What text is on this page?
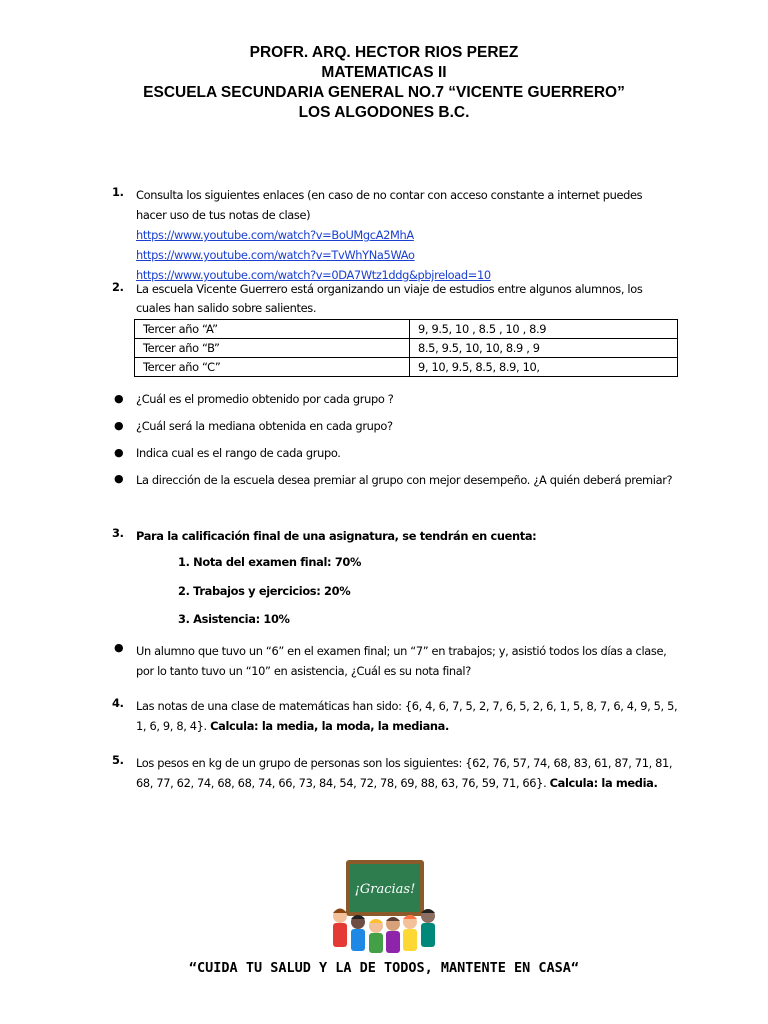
PROFR. ARQ. HECTOR RIOS PEREZ
MATEMATICAS II
ESCUELA SECUNDARIA GENERAL NO.7 “VICENTE GUERRERO”
LOS ALGODONES B.C.
1. Consulta los siguientes enlaces (en caso de no contar con acceso constante a internet puedes hacer uso de tus notas de clase)
https://www.youtube.com/watch?v=BoUMgcA2MhA
https://www.youtube.com/watch?v=TvWhYNa5WAo
https://www.youtube.com/watch?v=0DA7Wtz1ddg&pbjreload=10
2. La escuela Vicente Guerrero está organizando un viaje de estudios entre algunos alumnos, los cuales han salido sobre salientes.
Tercer año “A”	9, 9.5, 10 , 8.5 , 10 , 8.9
Tercer año “B”	8.5, 9.5, 10, 10, 8.9 , 9
Tercer año “C”	9, 10, 9.5, 8.5, 8.9, 10,
● ¿Cuál es el promedio obtenido por cada grupo ?
● ¿Cuál será la mediana obtenida en cada grupo?
● Indica cual es el rango de cada grupo.
● La dirección de la escuela desea premiar al grupo con mejor desempeño. ¿A quién deberá premiar?
3. Para la calificación final de una asignatura, se tendrán en cuenta:
1. Nota del examen final: 70%
2. Trabajos y ejercicios: 20%
3. Asistencia: 10%
● Un alumno que tuvo un “6” en el examen final; un “7” en trabajos; y, asistió todos los días a clase, por lo tanto tuvo un “10” en asistencia, ¿Cuál es su nota final?
4. Las notas de una clase de matemáticas han sido: {6, 4, 6, 7, 5, 2, 7, 6, 5, 2, 6, 1, 5, 8, 7, 6, 4, 9, 5, 5, 1, 6, 9, 8, 4}. Calcula: la media, la moda, la mediana.
5. Los pesos en kg de un grupo de personas son los siguientes: {62, 76, 57, 74, 68, 83, 61, 87, 71, 81, 68, 77, 62, 74, 68, 68, 74, 66, 73, 84, 54, 72, 78, 69, 88, 63, 76, 59, 71, 66}. Calcula: la media.
¡Gracias!
“CUIDA TU SALUD Y LA DE TODOS, MANTENTE EN CASA“
